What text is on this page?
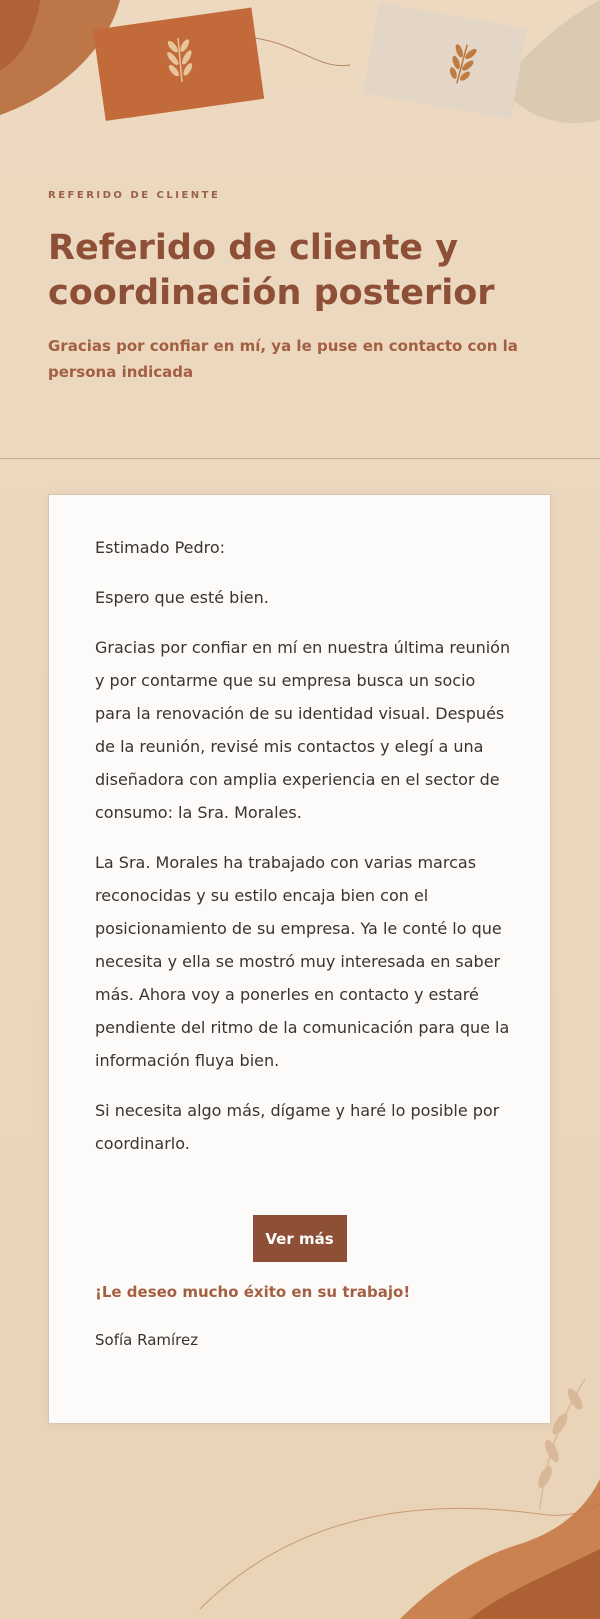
REFERIDO DE CLIENTE
Referido de cliente y coordinación posterior
Gracias por confiar en mí, ya le puse en contacto con la persona indicada

Estimado Pedro:

Espero que esté bien.

Gracias por confiar en mí en nuestra última reunión y por contarme que su empresa busca un socio para la renovación de su identidad visual. Después de la reunión, revisé mis contactos y elegí a una diseñadora con amplia experiencia en el sector de consumo: la Sra. Morales.

La Sra. Morales ha trabajado con varias marcas reconocidas y su estilo encaja bien con el posicionamiento de su empresa. Ya le conté lo que necesita y ella se mostró muy interesada en saber más. Ahora voy a ponerles en contacto y estaré pendiente del ritmo de la comunicación para que la información fluya bien.

Si necesita algo más, dígame y haré lo posible por coordinarlo.

Ver más
¡Le deseo mucho éxito en su trabajo!
Sofía Ramírez
